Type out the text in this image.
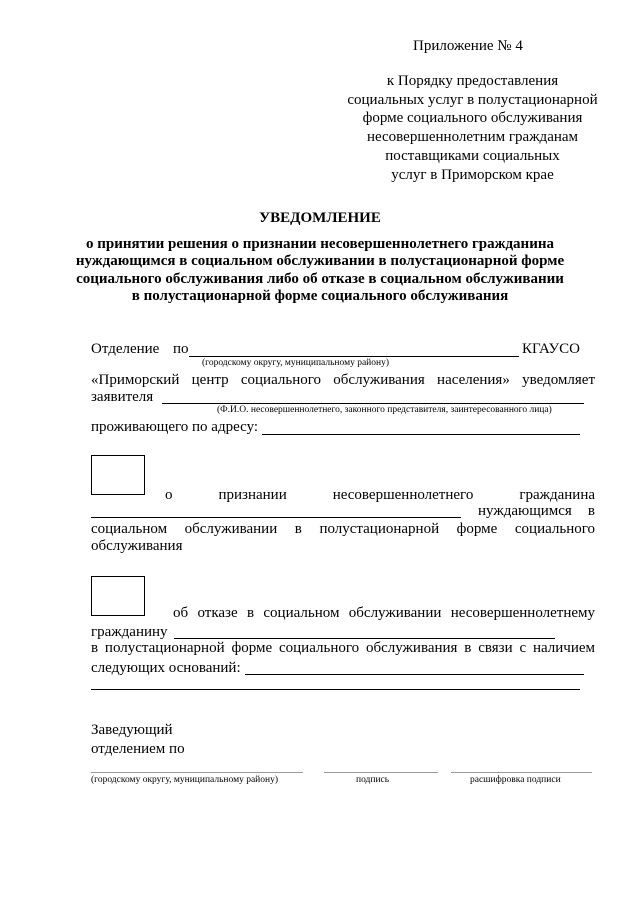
Приложение № 4
к Порядку предоставления
социальных услуг в полустационарной
форме социального обслуживания
несовершеннолетним гражданам
поставщиками социальных
услуг в Приморском крае
УВЕДОМЛЕНИЕ
о принятии решения о признании несовершеннолетнего гражданина
нуждающимся в социальном обслуживании в полустационарной форме
социального обслуживания либо об отказе в социальном обслуживании
в полустационарной форме социального обслуживания
Отделение по	КГАУСО
(городскому округу, муниципальному району)
«Приморский центр социального обслуживания населения» уведомляет
заявителя
(Ф.И.О. несовершеннолетнего, законного представителя, заинтересованного лица)
проживающего по адресу:
о	признании	несовершеннолетнего	гражданина
нуждающимся в
социальном обслуживании в полустационарной форме социального
обслуживания
об отказе в социальном обслуживании несовершеннолетнему
гражданину
в полустационарной форме социального обслуживания в связи с наличием
следующих оснований:
Заведующий
отделением по
(городскому округу, муниципальному району)	подпись	расшифровка подписи
